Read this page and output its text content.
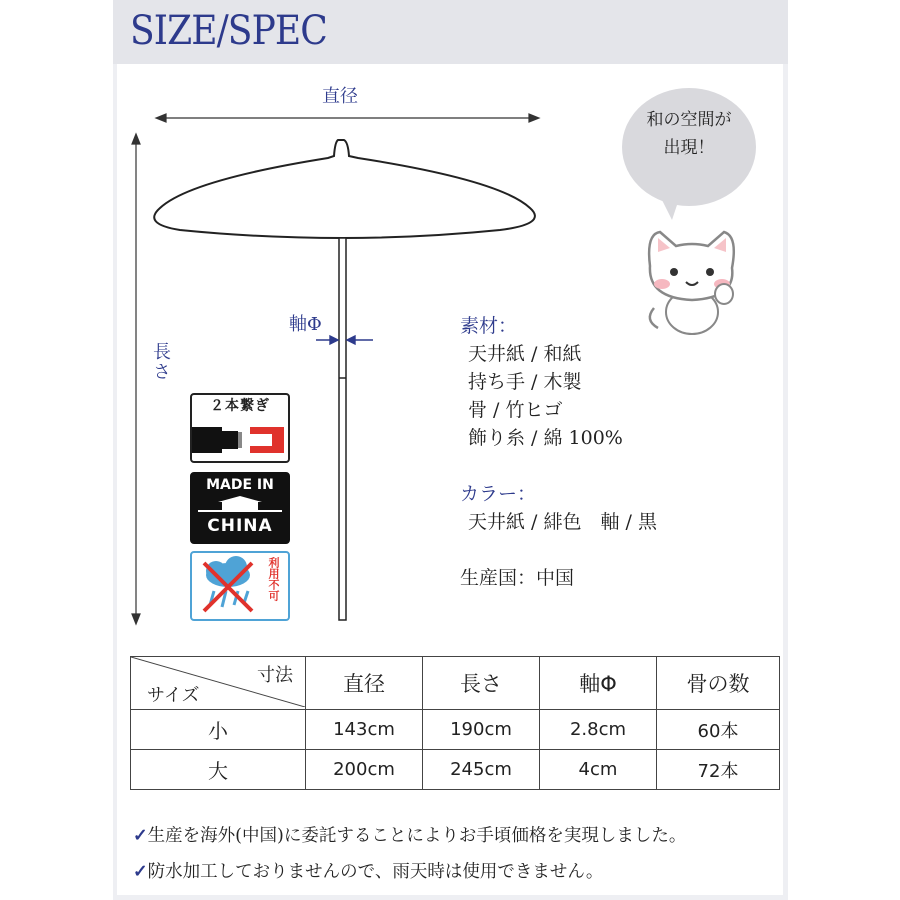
SIZE/SPEC
直径
長さ
軸Φ
２本繋ぎ
MADE IN
CHINA
利用不可
和の空間が
出現！
素材：
天井紙 / 和紙
持ち手 / 木製
骨 / 竹ヒゴ
飾り糸 / 綿 100%
カラー：
天井紙 / 緋色　軸 / 黒
生産国：中国
寸法
サイズ	直径	長さ	軸Φ	骨の数
小	143cm	190cm	2.8cm	60本
大	200cm	245cm	4cm	72本
✓生産を海外(中国)に委託することによりお手頃価格を実現しました。
✓防水加工しておりませんので、雨天時は使用できません。
